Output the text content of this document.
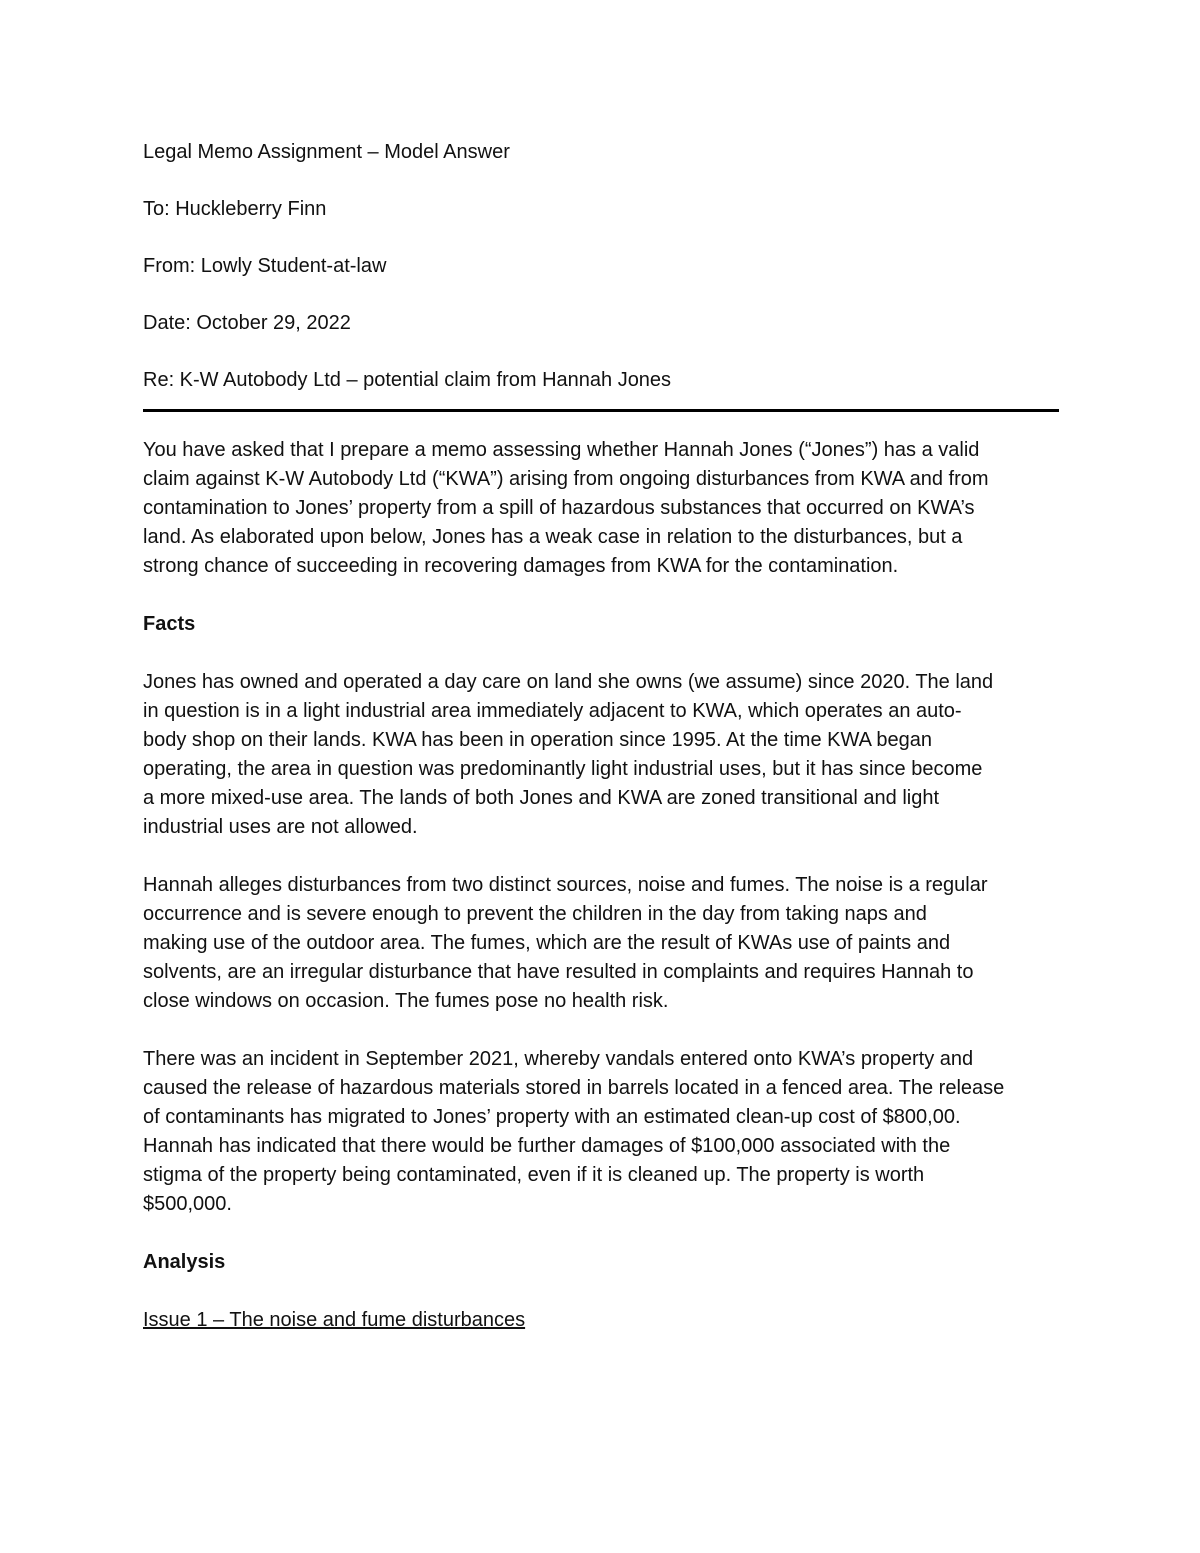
Legal Memo Assignment – Model Answer

To: Huckleberry Finn

From: Lowly Student-at-law

Date: October 29, 2022

Re: K-W Autobody Ltd – potential claim from Hannah Jones

You have asked that I prepare a memo assessing whether Hannah Jones (“Jones”) has a valid

claim against K-W Autobody Ltd (“KWA”) arising from ongoing disturbances from KWA and from

contamination to Jones’ property from a spill of hazardous substances that occurred on KWA’s

land. As elaborated upon below, Jones has a weak case in relation to the disturbances, but a

strong chance of succeeding in recovering damages from KWA for the contamination.

Facts

Jones has owned and operated a day care on land she owns (we assume) since 2020. The land

in question is in a light industrial area immediately adjacent to KWA, which operates an auto-

body shop on their lands. KWA has been in operation since 1995. At the time KWA began

operating, the area in question was predominantly light industrial uses, but it has since become

a more mixed-use area. The lands of both Jones and KWA are zoned transitional and light

industrial uses are not allowed.

Hannah alleges disturbances from two distinct sources, noise and fumes. The noise is a regular

occurrence and is severe enough to prevent the children in the day from taking naps and

making use of the outdoor area. The fumes, which are the result of KWAs use of paints and

solvents, are an irregular disturbance that have resulted in complaints and requires Hannah to

close windows on occasion. The fumes pose no health risk.

There was an incident in September 2021, whereby vandals entered onto KWA’s property and

caused the release of hazardous materials stored in barrels located in a fenced area. The release

of contaminants has migrated to Jones’ property with an estimated clean-up cost of $800,00.

Hannah has indicated that there would be further damages of $100,000 associated with the

stigma of the property being contaminated, even if it is cleaned up. The property is worth

$500,000.

Analysis

Issue 1 – The noise and fume disturbances
